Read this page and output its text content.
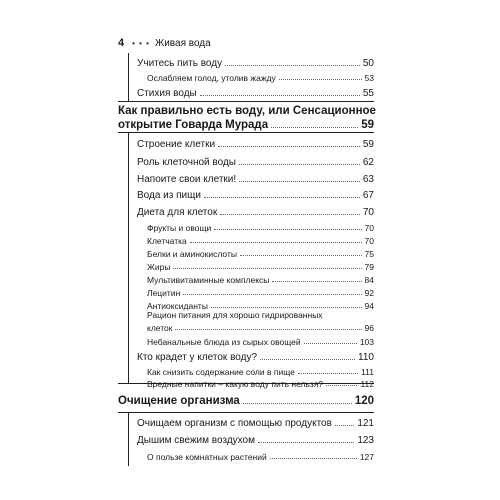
4 • • • Живая вода
Учитесь пить воду	50
Ослабляем голод, утолив жажду	53
Стихия воды	55
Как правильно есть воду, или Сенсационное
открытие Говарда Мурада	59
Строение клетки	59
Роль клеточной воды	62
Напоите свои клетки!	63
Вода из пищи	67
Диета для клеток	70
Фрукты и овощи	70
Клетчатка	70
Белки и аминокислоты	75
Жиры	79
Мультивитаминные комплексы	84
Лецитин	92
Антиоксиданты	94
Рацион питания для хорошо гидрированных
клеток	96
Небанальные блюда из сырых овощей	103
Кто крадет у клеток воду?	110
Как снизить содержание соли в пище	111
Вредные напитки – какую воду пить нельзя?	112
Очищение организма	120
Очищаем организм с помощью продуктов	121
Дышим свежим воздухом	123
О пользе комнатных растений	127
